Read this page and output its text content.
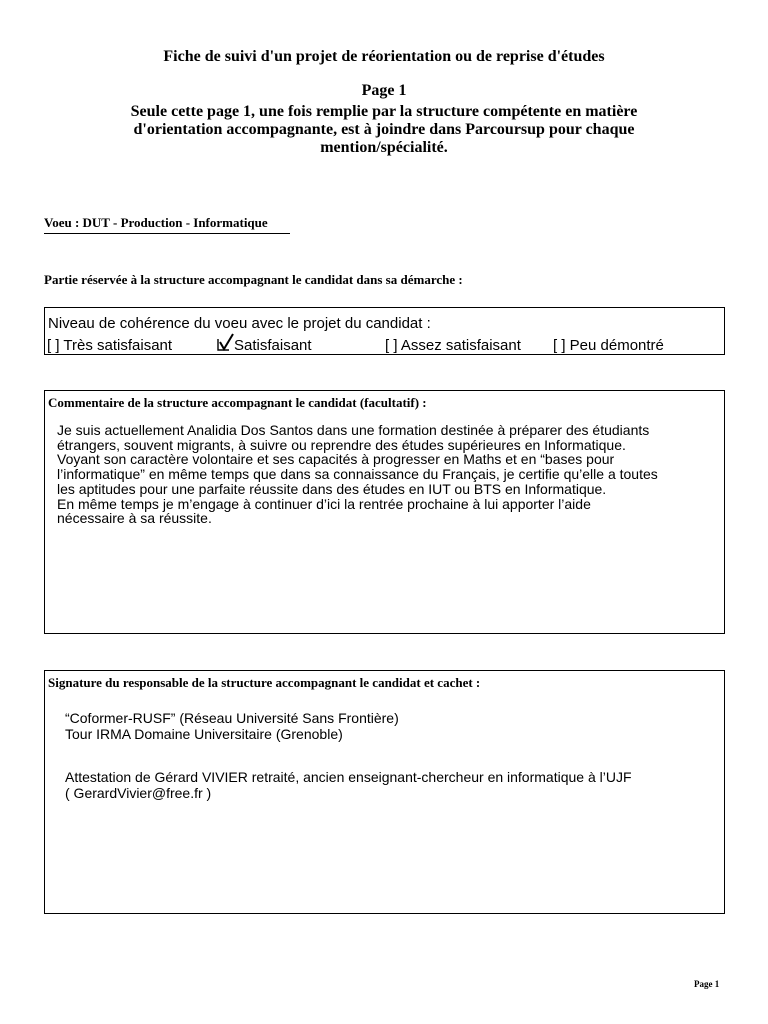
Fiche de suivi d'un projet de réorientation ou de reprise d'études
Page 1
Seule cette page 1, une fois remplie par la structure compétente en matière
d'orientation accompagnante, est à joindre dans Parcoursup pour chaque
mention/spécialité.
Voeu : DUT - Production - Informatique
Partie réservée à la structure accompagnant le candidat dans sa démarche :
Niveau de cohérence du voeu avec le projet du candidat :
[ ] Très satisfaisant	Satisfaisant	[ ] Assez satisfaisant [ ] Peu démontré
Commentaire de la structure accompagnant le candidat (facultatif) :
Je suis actuellement Analidia Dos Santos dans une formation destinée à préparer des étudiants
étrangers, souvent migrants, à suivre ou reprendre des études supérieures en Informatique.
Voyant son caractère volontaire et ses capacités à progresser en Maths et en “bases pour
l’informatique” en même temps que dans sa connaissance du Français, je certifie qu’elle a toutes
les aptitudes pour une parfaite réussite dans des études en IUT ou BTS en Informatique.
En même temps je m’engage à continuer d’ici la rentrée prochaine à lui apporter l’aide
nécessaire à sa réussite.
Signature du responsable de la structure accompagnant le candidat et cachet :
“Coformer-RUSF” (Réseau Université Sans Frontière)
Tour IRMA Domaine Universitaire (Grenoble)
Attestation de Gérard VIVIER retraité, ancien enseignant-chercheur en informatique à l’UJF
( GerardVivier@free.fr )
Page 1
